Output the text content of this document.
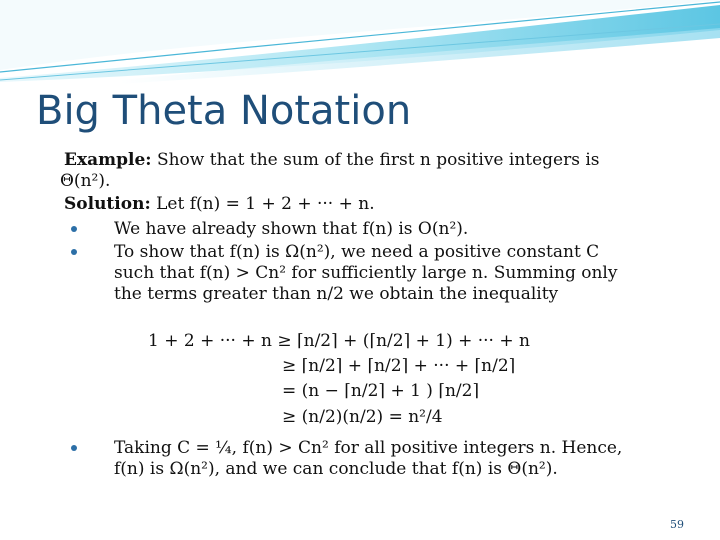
Big Theta Notation
Example: Show that the sum of the first n positive integers is
Θ(n²).
Solution: Let f(n) = 1 + 2 + ··· + n.
We have already shown that f(n) is O(n²).
To show that f(n) is Ω(n²), we need a positive constant C
such that f(n) > Cn² for sufficiently large n. Summing only
the terms greater than n/2 we obtain the inequality
1 + 2 + ··· + n ≥ ⌈n/2⌉ + (⌈n/2⌉ + 1) + ··· + n
≥ ⌈n/2⌉ + ⌈n/2⌉ + ··· + ⌈n/2⌉
= (n − ⌈n/2⌉ + 1 ) ⌈n/2⌉
≥ (n/2)(n/2) = n²/4
Taking C = ¼, f(n) > Cn² for all positive integers n. Hence,
f(n) is Ω(n²), and we can conclude that f(n) is Θ(n²).
59
